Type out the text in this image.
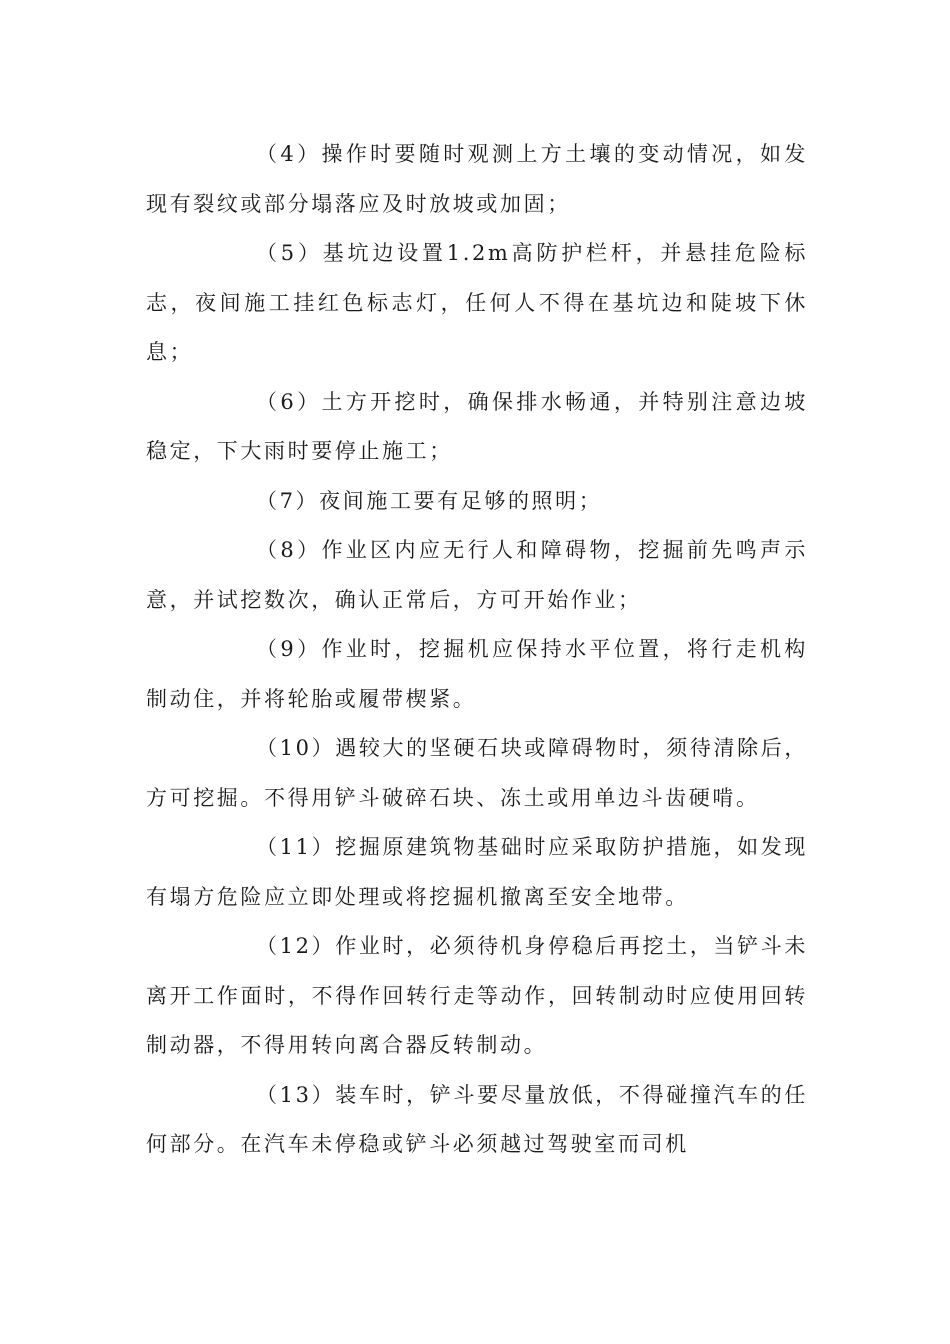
（4）操作时要随时观测上方土壤的变动情况，如发现有裂纹或部分塌落应及时放坡或加固；

（5）基坑边设置1.2m高防护栏杆，并悬挂危险标志，夜间施工挂红色标志灯，任何人不得在基坑边和陡坡下休息；

（6）土方开挖时，确保排水畅通，并特别注意边坡稳定，下大雨时要停止施工；

（7）夜间施工要有足够的照明；

（8）作业区内应无行人和障碍物，挖掘前先鸣声示意，并试挖数次，确认正常后，方可开始作业；

（9）作业时，挖掘机应保持水平位置，将行走机构制动住，并将轮胎或履带楔紧。

（10）遇较大的坚硬石块或障碍物时，须待清除后，方可挖掘。不得用铲斗破碎石块、冻土或用单边斗齿硬啃。

（11）挖掘原建筑物基础时应采取防护措施，如发现有塌方危险应立即处理或将挖掘机撤离至安全地带。

（12）作业时，必须待机身停稳后再挖土，当铲斗未离开工作面时，不得作回转行走等动作，回转制动时应使用回转制动器，不得用转向离合器反转制动。

（13）装车时，铲斗要尽量放低，不得碰撞汽车的任何部分。在汽车未停稳或铲斗必须越过驾驶室而司机
